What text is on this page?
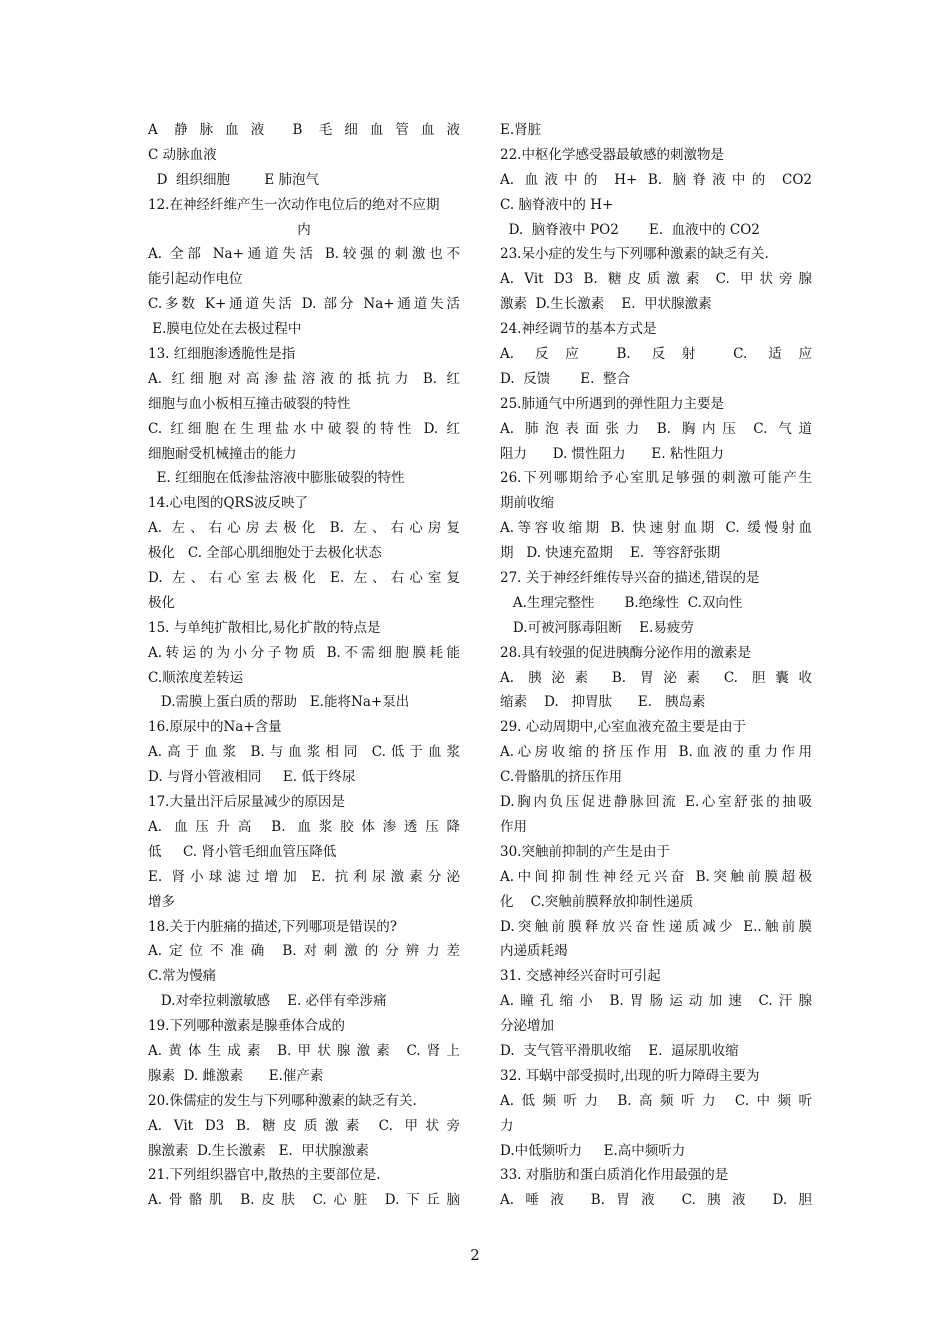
A 静脉血液 B 毛细血管血液
C 动脉血液
D  组织细胞        E 肺泡气
12.在神经纤维产生一次动作电位后的绝对不应期
内
A. 全部 Na+通道失活 B.较强的刺激也不
能引起动作电位
C.多数 K+通道失活 D. 部分 Na+通道失活
E.膜电位处在去极过程中
13. 红细胞渗透脆性是指
A. 红细胞对高渗盐溶液的抵抗力 B. 红
细胞与血小板相互撞击破裂的特性
C. 红细胞在生理盐水中破裂的特性 D. 红
细胞耐受机械撞击的能力
E. 红细胞在低渗盐溶液中膨胀破裂的特性
14.心电图的QRS波反映了
A. 左、右心房去极化 B. 左、右心房复
极化   C. 全部心肌细胞处于去极化状态
D. 左、右心室去极化 E. 左、右心室复
极化
15. 与单纯扩散相比,易化扩散的特点是
A.转运的为小分子物质 B.不需细胞膜耗能
C.顺浓度差转运
D.需膜上蛋白质的帮助   E.能将Na+泵出
16.原尿中的Na+含量
A.高于血浆 B.与血浆相同 C.低于血浆
D. 与肾小管液相同     E. 低于终尿
17.大量出汗后尿量减少的原因是
A. 血压升高 B. 血浆胶体渗透压降
低     C. 肾小管毛细血管压降低
E. 肾小球滤过增加 E. 抗利尿激素分泌
增多
18.关于内脏痛的描述,下列哪项是错误的?
A.定位不准确 B.对刺激的分辨力差
C.常为慢痛
D.对牵拉刺激敏感    E. 必伴有牵涉痛
19.下列哪种激素是腺垂体合成的
A.黄体生成素 B.甲状腺激素 C.肾上
腺素  D. 雌激素      E.催产素
20.侏儒症的发生与下列哪种激素的缺乏有关.
A. Vit D3 B. 糖皮质激素 C. 甲状旁
腺激素  D.生长激素   E.  甲状腺激素
21.下列组织器官中,散热的主要部位是.
A.骨骼肌 B.皮肤 C.心脏 D.下丘脑
E.肾脏
22.中枢化学感受器最敏感的刺激物是
A. 血液中的 H+ B. 脑脊液中的 CO2
C. 脑脊液中的 H+
D.  脑脊液中 PO2       E.  血液中的 CO2
23.呆小症的发生与下列哪种激素的缺乏有关.
A. Vit D3 B. 糖皮质激素 C. 甲状旁腺
激素  D.生长激素    E.  甲状腺激素
24.神经调节的基本方式是
A. 反应 B. 反射 C. 适应
D.  反馈       E.  整合
25.肺通气中所遇到的弹性阻力主要是
A. 肺泡表面张力 B. 胸内压 C. 气道
阻力      D. 惯性阻力      E. 粘性阻力
26.下列哪期给予心室肌足够强的刺激可能产生
期前收缩
A.等容收缩期 B. 快速射血期 C. 缓慢射血
期   D. 快速充盈期    E.  等容舒张期
27. 关于神经纤维传导兴奋的描述,错误的是
A.生理完整性       B.绝缘性  C.双向性
D.可被河豚毒阻断    E.易疲劳
28.具有较强的促进胰酶分泌作用的激素是
A. 胰泌素 B. 胃泌素 C. 胆囊收
缩素    D.   抑胃肽      E.   胰岛素
29. 心动周期中,心室血液充盈主要是由于
A.心房收缩的挤压作用 B.血液的重力作用
C.骨骼肌的挤压作用
D.胸内负压促进静脉回流 E.心室舒张的抽吸
作用
30.突触前抑制的产生是由于
A.中间抑制性神经元兴奋 B.突触前膜超极
化    C.突触前膜释放抑制性递质
D.突触前膜释放兴奋性递质减少 E..触前膜
内递质耗竭
31. 交感神经兴奋时可引起
A.瞳孔缩小 B.胃肠运动加速 C.汗腺
分泌增加
D.  支气管平滑肌收缩    E.  逼尿肌收缩
32. 耳蜗中部受损时,出现的听力障碍主要为
A.低频听力 B.高频听力 C.中频听
力
D.中低频听力     E.高中频听力
33. 对脂肪和蛋白质消化作用最强的是
A.唾液 B.胃液 C.胰液 D.胆
2
